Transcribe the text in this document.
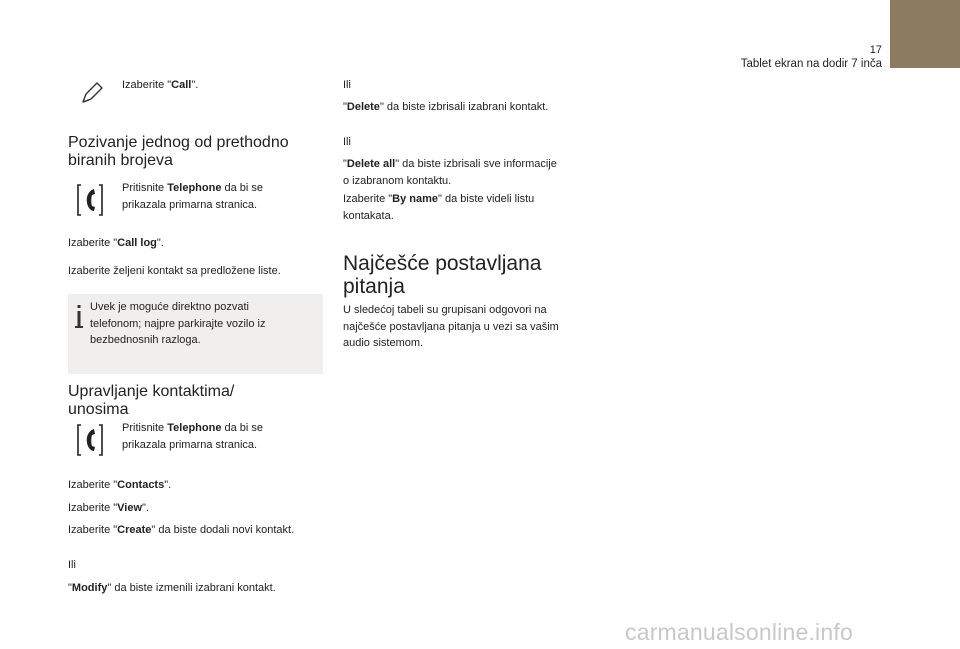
17
Tablet ekran na dodir 7 inča
Izaberite "Call".
Pozivanje jednog od prethodno
biranih brojeva
Pritisnite Telephone da bi se
prikazala primarna stranica.
Izaberite "Call log".
Izaberite željeni kontakt sa predložene liste.
Uvek je moguće direktno pozvati
telefonom; najpre parkirajte vozilo iz
bezbednosnih razloga.
Upravljanje kontaktima/
unosima
Pritisnite Telephone da bi se
prikazala primarna stranica.
Izaberite "Contacts".
Izaberite "View".
Izaberite "Create" da biste dodali novi kontakt.
Ili
"Modify" da biste izmenili izabrani kontakt.
Ili
"Delete" da biste izbrisali izabrani kontakt.
Ili
"Delete all" da biste izbrisali sve informacije
o izabranom kontaktu.
Izaberite "By name" da biste videli listu
kontakata.
Najčešće postavljana
pitanja
U sledećoj tabeli su grupisani odgovori na
najčešće postavljana pitanja u vezi sa vašim
audio sistemom.
carmanualsonline.info
